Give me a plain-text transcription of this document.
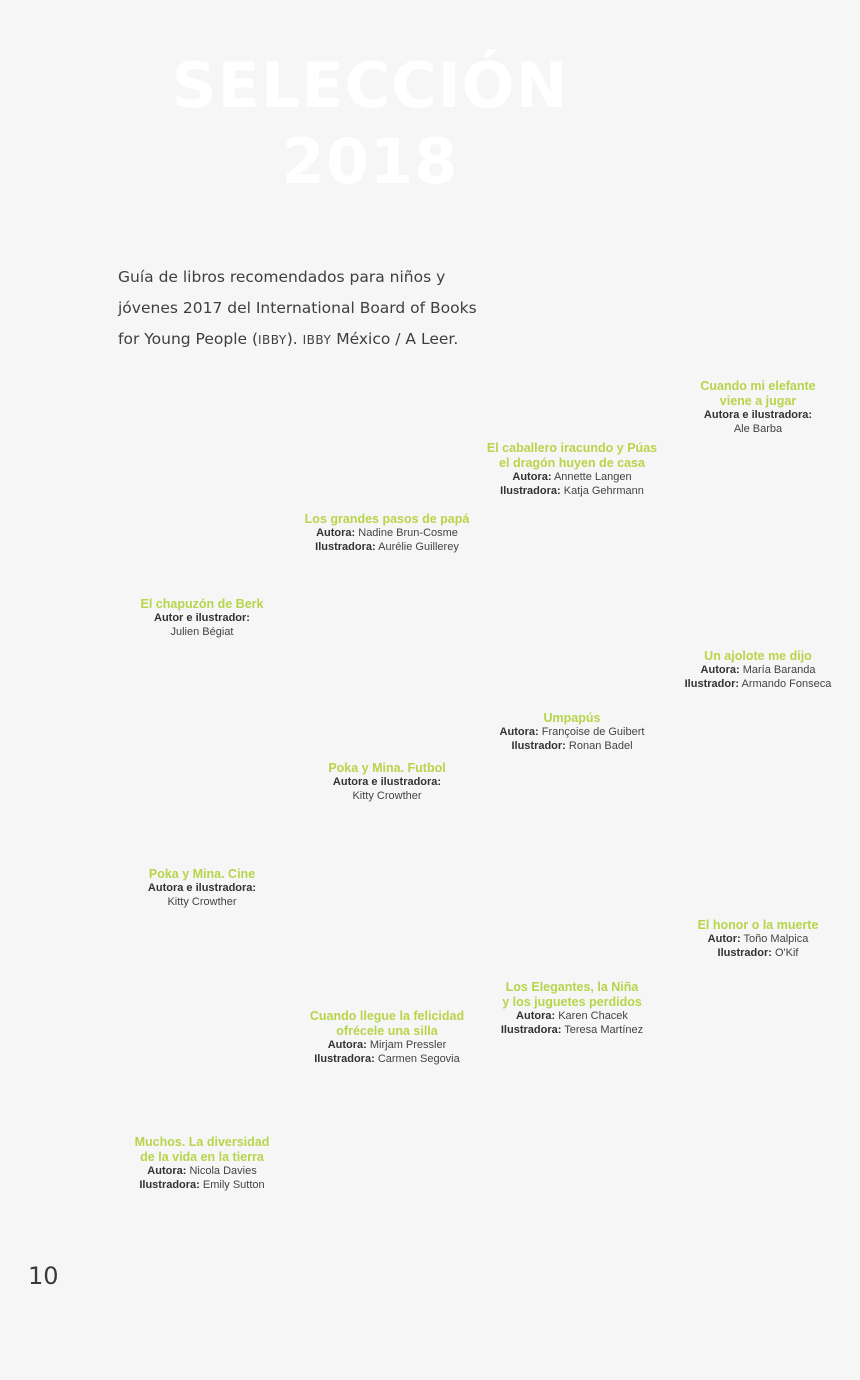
SELECCIÓN
2018
Guía de libros recomendados para niños y jóvenes 2017 del International Board of Books for Young People (IBBY). IBBY México / A Leer.
Cuando mi elefante
viene a jugar
Autora e ilustradora:
Ale Barba
El caballero iracundo y Púas
el dragón huyen de casa
Autora: Annette Langen
Ilustradora: Katja Gehrmann
Los grandes pasos de papá
Autora: Nadine Brun-Cosme
Ilustradora: Aurélie Guillerey
El chapuzón de Berk
Autor e ilustrador:
Julien Bégiat
Un ajolote me dijo
Autora: María Baranda
Ilustrador: Armando Fonseca
Umpapús
Autora: Françoise de Guibert
Ilustrador: Ronan Badel
Poka y Mina. Futbol
Autora e ilustradora:
Kitty Crowther
Poka y Mina. Cine
Autora e ilustradora:
Kitty Crowther
El honor o la muerte
Autor: Toño Malpica
Ilustrador: O'Kif
Los Elegantes, la Niña
y los juguetes perdidos
Autora: Karen Chacek
Ilustradora: Teresa Martínez
Cuando llegue la felicidad
ofrécele una silla
Autora: Mirjam Pressler
Ilustradora: Carmen Segovia
Muchos. La diversidad
de la vida en la tierra
Autora: Nicola Davies
Ilustradora: Emily Sutton
10
